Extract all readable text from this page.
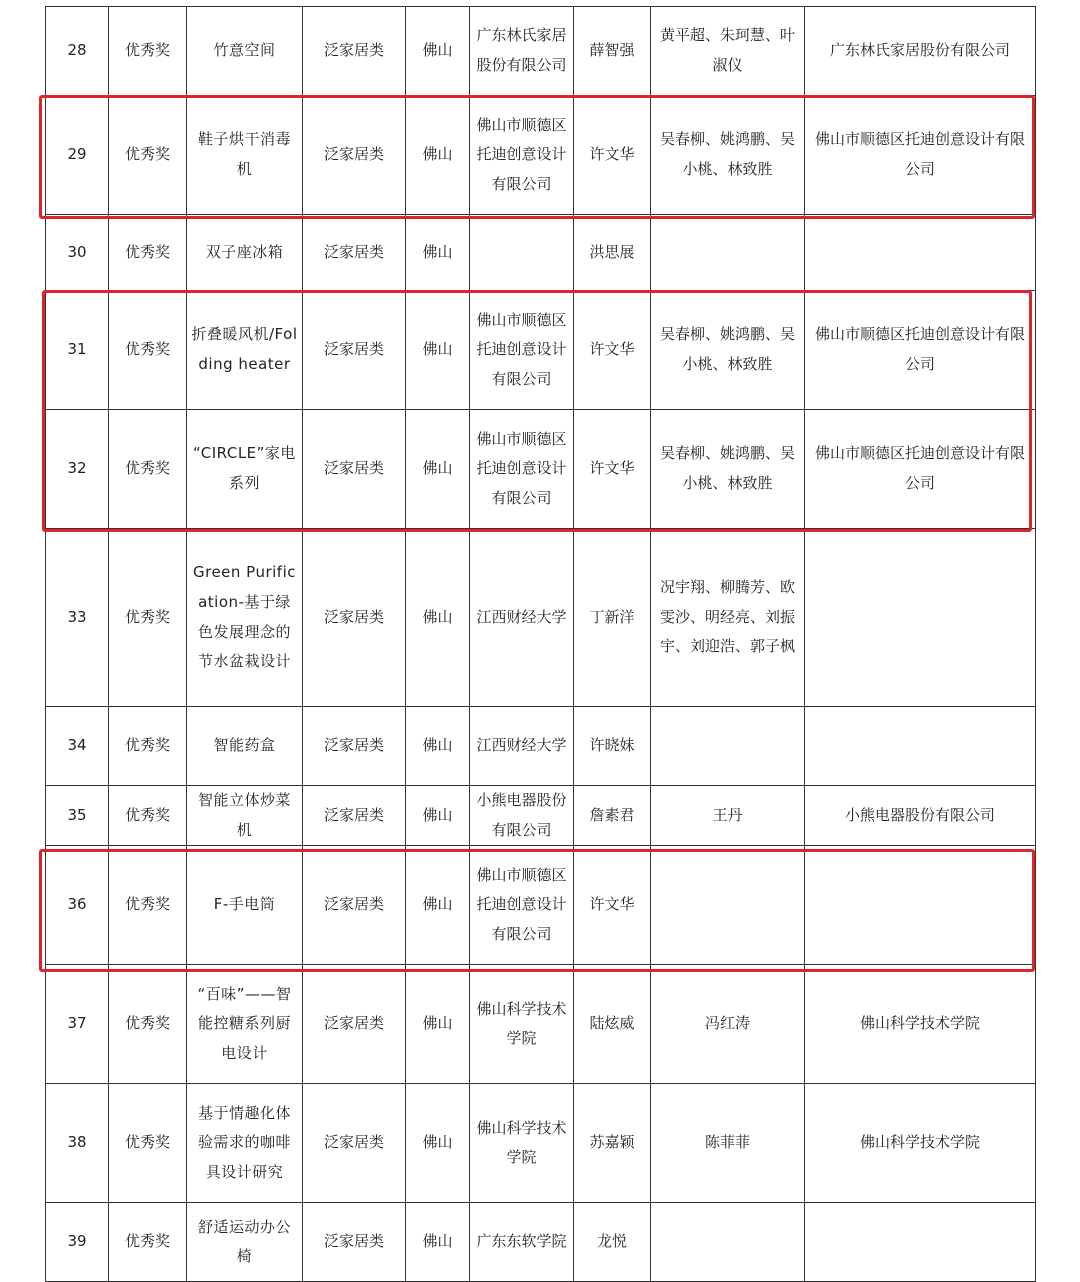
28	优秀奖	竹意空间	泛家居类	佛山	广东林氏家居股份有限公司	薛智强	黄平超、朱珂慧、叶淑仪	广东林氏家居股份有限公司
29	优秀奖	鞋子烘干消毒机	泛家居类	佛山	佛山市顺德区托迪创意设计有限公司	许文华	吴春柳、姚鸿鹏、吴小桃、林致胜	佛山市顺德区托迪创意设计有限公司
30	优秀奖	双子座冰箱	泛家居类	佛山		洪思展		
31	优秀奖	折叠暖风机/Folding heater	泛家居类	佛山	佛山市顺德区托迪创意设计有限公司	许文华	吴春柳、姚鸿鹏、吴小桃、林致胜	佛山市顺德区托迪创意设计有限公司
32	优秀奖	“CIRCLE”家电系列	泛家居类	佛山	佛山市顺德区托迪创意设计有限公司	许文华	吴春柳、姚鸿鹏、吴小桃、林致胜	佛山市顺德区托迪创意设计有限公司
33	优秀奖	Green Purification-基于绿色发展理念的节水盆栽设计	泛家居类	佛山	江西财经大学	丁新洋	况宇翔、柳腾芳、欧雯沙、明经亮、刘振宇、刘迎浩、郭子枫	
34	优秀奖	智能药盒	泛家居类	佛山	江西财经大学	许晓妹		
35	优秀奖	智能立体炒菜机	泛家居类	佛山	小熊电器股份有限公司	詹素君	王丹	小熊电器股份有限公司
36	优秀奖	F-手电筒	泛家居类	佛山	佛山市顺德区托迪创意设计有限公司	许文华		
37	优秀奖	“百味”——智能控糖系列厨电设计	泛家居类	佛山	佛山科学技术学院	陆炫威	冯红涛	佛山科学技术学院
38	优秀奖	基于情趣化体验需求的咖啡具设计研究	泛家居类	佛山	佛山科学技术学院	苏嘉颖	陈菲菲	佛山科学技术学院
39	优秀奖	舒适运动办公椅	泛家居类	佛山	广东东软学院	龙悦		
